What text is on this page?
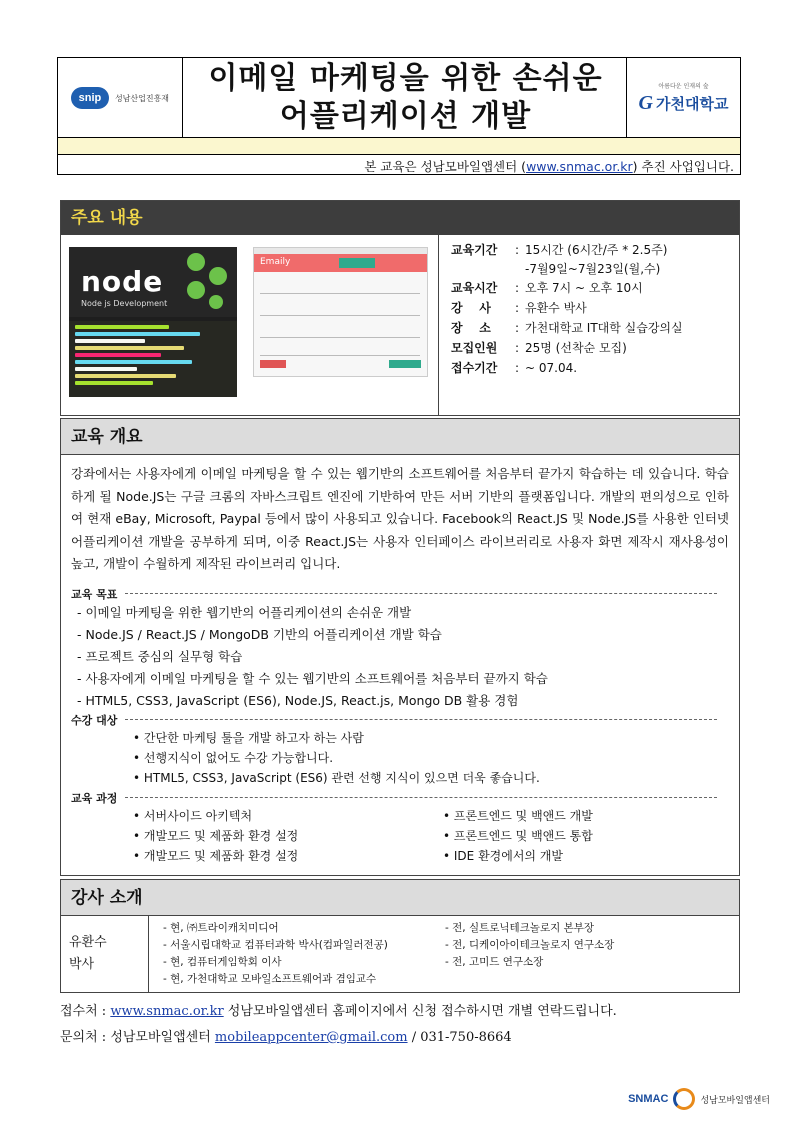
snip	성남산업진흥재
이메일 마케팅을 위한 손쉬운
어플리케이션 개발
아름다운 인재의 숲
G 가천대학교
본 교육은 성남모바일앱센터 (www.snmac.or.kr) 추진 사업입니다.
주요 내용
node
Node js Development
Emaily
교육기간	: 15시간 (6시간/주 * 2.5주)
-7월9일~7월23일(월,수)
교육시간	: 오후 7시 ~ 오후 10시
강    사	: 유환수 박사
장    소	: 가천대학교 IT대학 실습강의실
모집인원	: 25명 (선착순 모집)
접수기간	: ~ 07.04.
교육 개요
강좌에서는 사용자에게 이메일 마케팅을 할 수 있는 웹기반의 소프트웨어를 처음부터 끝가지 학습하는 데 있습니다. 학습하게 될 Node.JS는 구글 크롬의 자바스크립트 엔진에 기반하여 만든 서버 기반의 플랫폼입니다. 개발의 편의성으로 인하여 현재 eBay, Microsoft, Paypal 등에서 많이 사용되고 있습니다. Facebook의 React.JS 및 Node.JS를 사용한 인터넷 어플리케이션 개발을 공부하게 되며, 이중 React.JS는 사용자 인터페이스 라이브러리로 사용자 화면 제작시 재사용성이 높고, 개발이 수월하게 제작된 라이브러리 입니다.
교육 목표
- 이메일 마케팅을 위한 웹기반의 어플리케이션의 손쉬운 개발
- Node.JS / React.JS / MongoDB 기반의 어플리케이션 개발 학습
- 프로젝트 중심의 실무형 학습
- 사용자에게 이메일 마케팅을 할 수 있는 웹기반의 소프트웨어를 처음부터 끝까지 학습
- HTML5, CSS3, JavaScript (ES6), Node.JS, React.js, Mongo DB 활용 경험
수강 대상
• 간단한 마케팅 툴을 개발 하고자 하는 사람
• 선행지식이 없어도 수강 가능합니다.
• HTML5, CSS3, JavaScript (ES6) 관련 선행 지식이 있으면 더욱 좋습니다.
교육 과정
• 서버사이드 아키텍처	• 프론트엔드 및 백앤드 개발
• 개발모드 및 제품화 환경 설정	• 프론트엔드 및 백앤드 통합
• 개발모드 및 제품화 환경 설정	• IDE 환경에서의 개발
강사 소개
유환수
박사
- 현, ㈜트라이캐치미디어
- 서울시립대학교 컴퓨터과학 박사(컴파일러전공)
- 현, 컴퓨터게임학회 이사
- 현, 가천대학교 모바일소프트웨어과 겸임교수
- 전, 실트로닉테크놀로지 본부장
- 전, 디케이아이테크놀로지 연구소장
- 전, 고미드 연구소장
접수처 : www.snmac.or.kr 성남모바일앱센터 홈페이지에서 신청 접수하시면 개별 연락드립니다.
문의처 : 성남모바일앱센터 mobileappcenter@gmail.com / 031-750-8664
SNMAC	성남모바일앱센터
